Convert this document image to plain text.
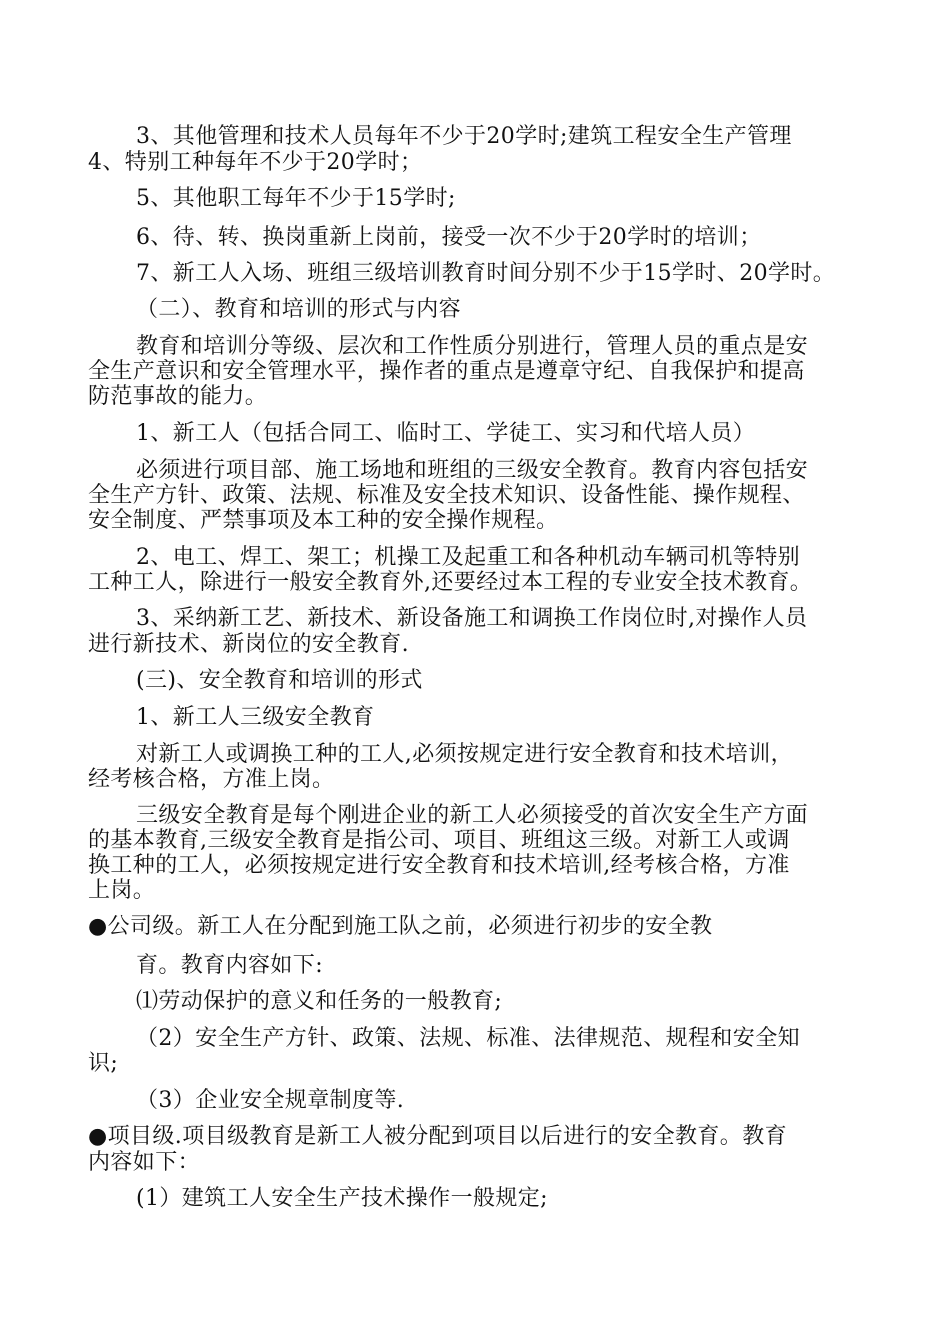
3、其他管理和技术人员每年不少于20学时;建筑工程安全生产管理
4、特别工种每年不少于20学时；
5、其他职工每年不少于15学时;
6、待、转、换岗重新上岗前，接受一次不少于20学时的培训；
7、新工人入场、班组三级培训教育时间分别不少于15学时、20学时。
（二）、教育和培训的形式与内容
教育和培训分等级、层次和工作性质分别进行，管理人员的重点是安
全生产意识和安全管理水平，操作者的重点是遵章守纪、自我保护和提高
防范事故的能力。
1、新工人（包括合同工、临时工、学徒工、实习和代培人员）
必须进行项目部、施工场地和班组的三级安全教育。教育内容包括安
全生产方针、政策、法规、标准及安全技术知识、设备性能、操作规程、
安全制度、严禁事项及本工种的安全操作规程。
2、电工、焊工、架工；机操工及起重工和各种机动车辆司机等特别
工种工人，除进行一般安全教育外,还要经过本工程的专业安全技术教育。
3、采纳新工艺、新技术、新设备施工和调换工作岗位时,对操作人员
进行新技术、新岗位的安全教育.
(三)、安全教育和培训的形式
1、新工人三级安全教育
对新工人或调换工种的工人,必须按规定进行安全教育和技术培训，
经考核合格，方准上岗。
三级安全教育是每个刚进企业的新工人必须接受的首次安全生产方面
的基本教育,三级安全教育是指公司、项目、班组这三级。对新工人或调
换工种的工人，必须按规定进行安全教育和技术培训,经考核合格，方准
上岗。
●公司级。新工人在分配到施工队之前，必须进行初步的安全教
育。教育内容如下:
⑴劳动保护的意义和任务的一般教育;
（2）安全生产方针、政策、法规、标准、法律规范、规程和安全知
识;
（3）企业安全规章制度等.
●项目级.项目级教育是新工人被分配到项目以后进行的安全教育。教育
内容如下：
(1）建筑工人安全生产技术操作一般规定;
